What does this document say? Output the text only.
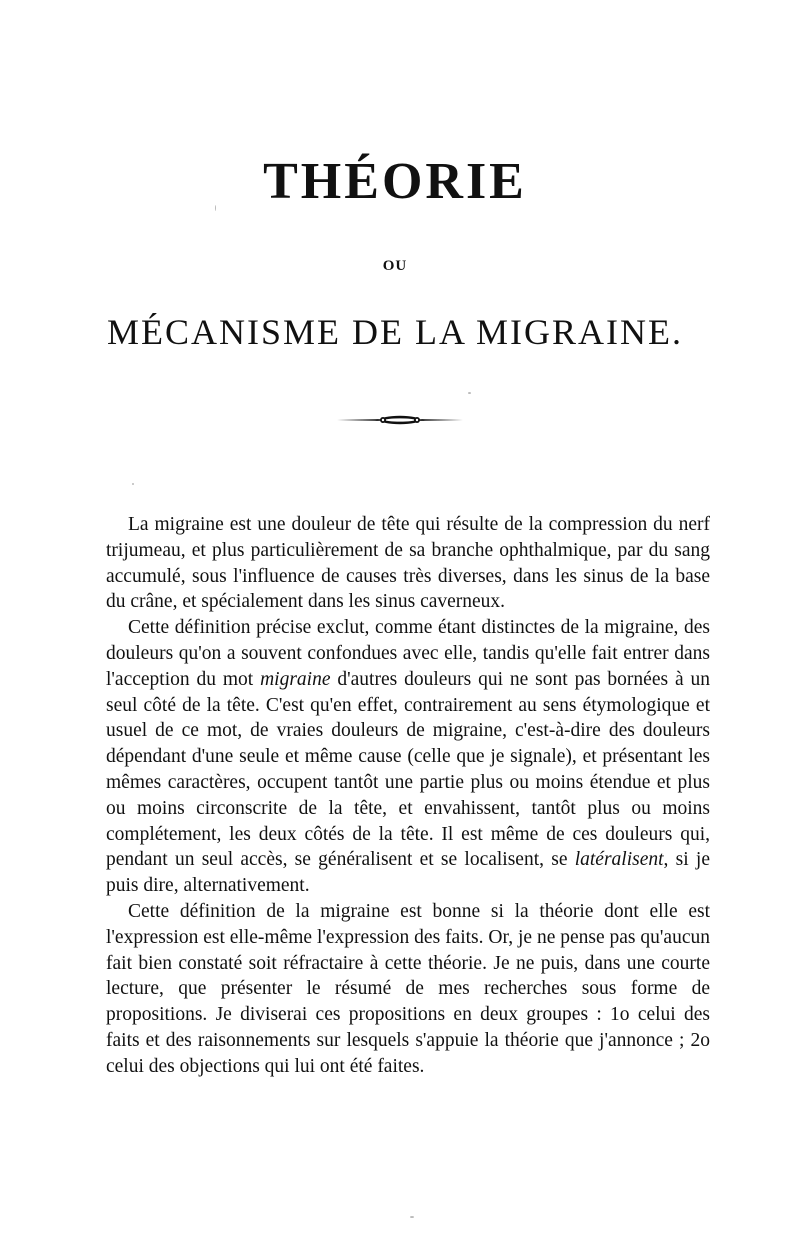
THÉORIE
OU
MÉCANISME DE LA MIGRAINE.

La migraine est une douleur de tête qui résulte de la compression du nerf trijumeau, et plus particulièrement de sa branche ophthalmique, par du sang accumulé, sous l'influence de causes très diverses, dans les sinus de la base du crâne, et spécialement dans les sinus caverneux.

Cette définition précise exclut, comme étant distinctes de la migraine, des douleurs qu'on a souvent confondues avec elle, tandis qu'elle fait entrer dans l'acception du mot migraine d'autres douleurs qui ne sont pas bornées à un seul côté de la tête. C'est qu'en effet, contrairement au sens étymologique et usuel de ce mot, de vraies douleurs de migraine, c'est-à-dire des douleurs dépendant d'une seule et même cause (celle que je signale), et présentant les mêmes caractères, occupent tantôt une partie plus ou moins étendue et plus ou moins circonscrite de la tête, et envahissent, tantôt plus ou moins complétement, les deux côtés de la tête. Il est même de ces douleurs qui, pendant un seul accès, se généralisent et se localisent, se latéralisent, si je puis dire, alternativement.

Cette définition de la migraine est bonne si la théorie dont elle est l'expression est elle-même l'expression des faits. Or, je ne pense pas qu'aucun fait bien constaté soit réfractaire à cette théorie. Je ne puis, dans une courte lecture, que présenter le résumé de mes recherches sous forme de propositions. Je diviserai ces propositions en deux groupes : 1o celui des faits et des raisonnements sur lesquels s'appuie la théorie que j'annonce ; 2o celui des objections qui lui ont été faites.
